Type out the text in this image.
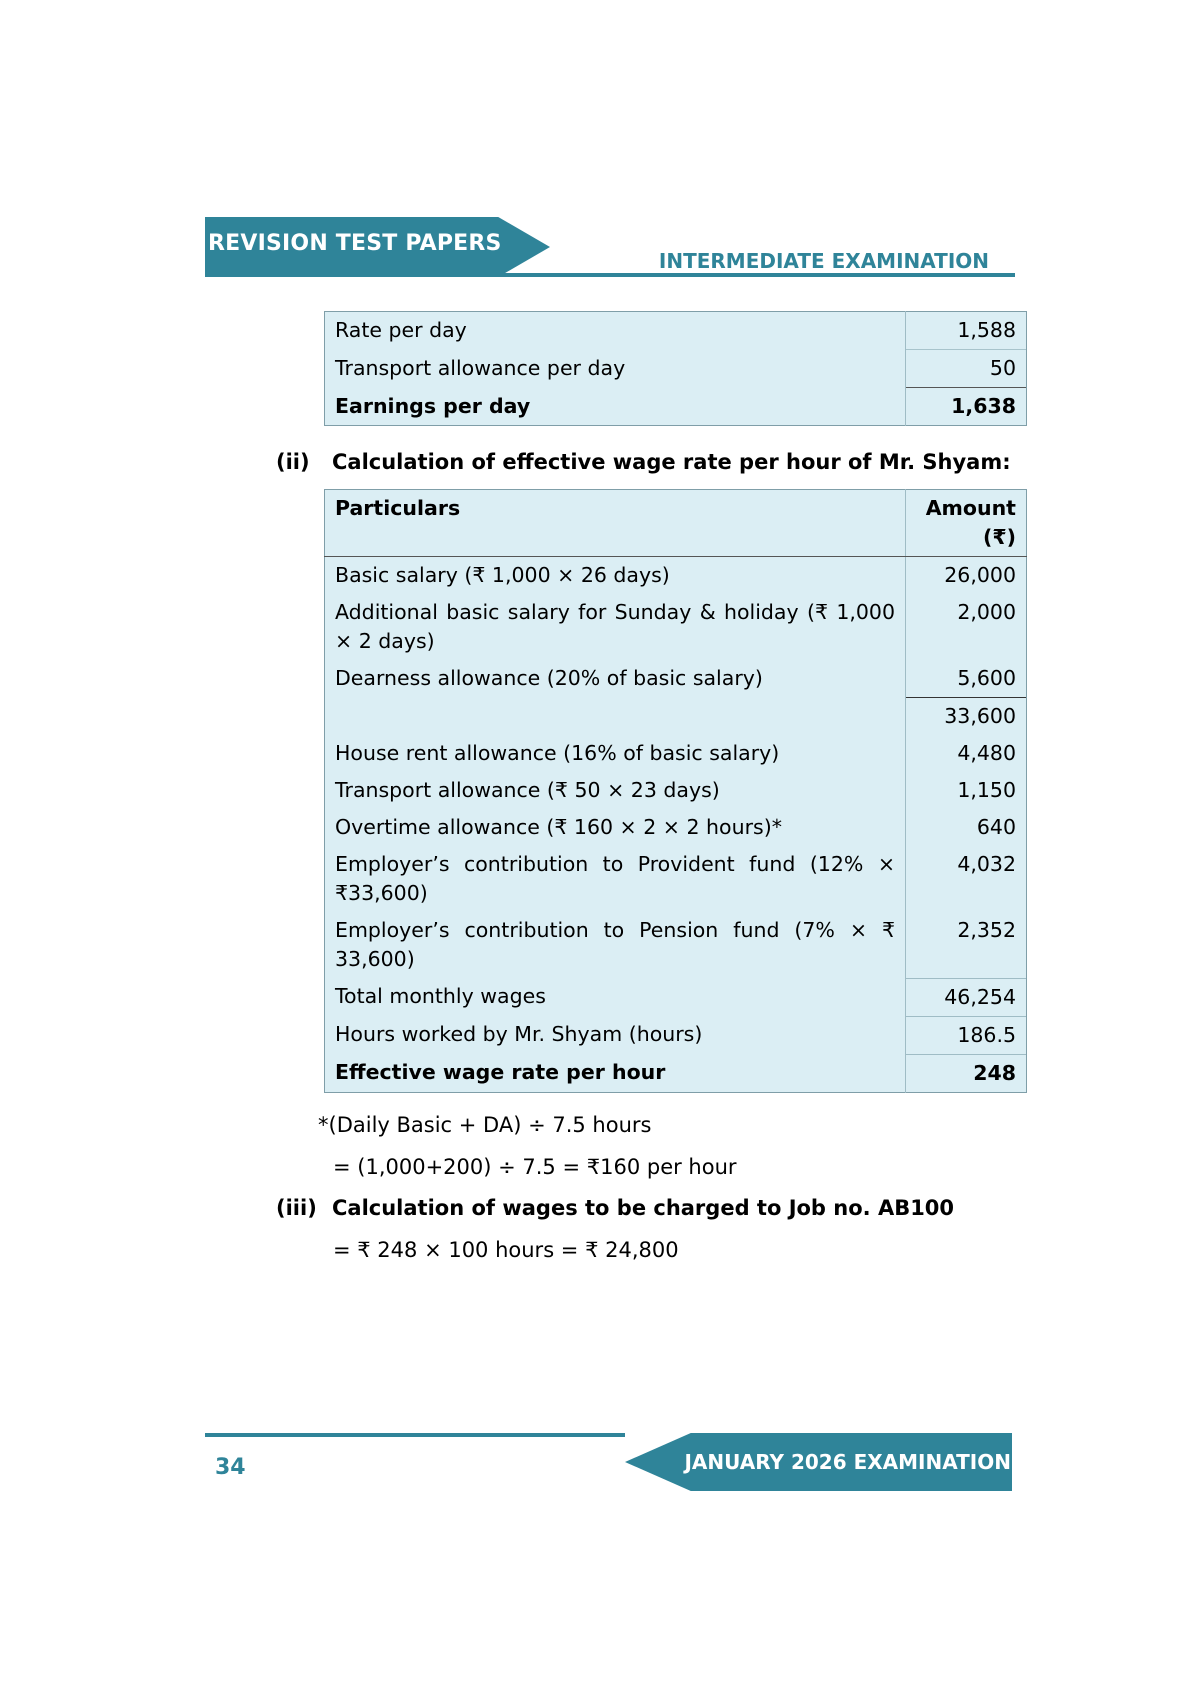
REVISION TEST PAPERS
INTERMEDIATE EXAMINATION
Rate per day	1,588
Transport allowance per day	50
Earnings per day	1,638
(ii) Calculation of effective wage rate per hour of Mr. Shyam:
Particulars	Amount
(₹)
Basic salary (₹ 1,000 × 26 days)	26,000
Additional basic salary for Sunday & holiday (₹ 1,000 × 2 days)	2,000
Dearness allowance (20% of basic salary)	5,600
	33,600
House rent allowance (16% of basic salary)	4,480
Transport allowance (₹ 50 × 23 days)	1,150
Overtime allowance (₹ 160 × 2 × 2 hours)*	640
Employer’s contribution to Provident fund (12% × ₹33,600)	4,032
Employer’s contribution to Pension fund (7% × ₹ 33,600)	2,352
Total monthly wages	46,254
Hours worked by Mr. Shyam (hours)	186.5
Effective wage rate per hour	248
*(Daily Basic + DA) ÷ 7.5 hours
= (1,000+200) ÷ 7.5 = ₹160 per hour
(iii) Calculation of wages to be charged to Job no. AB100
= ₹ 248 × 100 hours = ₹ 24,800
JANUARY 2026 EXAMINATION
34
